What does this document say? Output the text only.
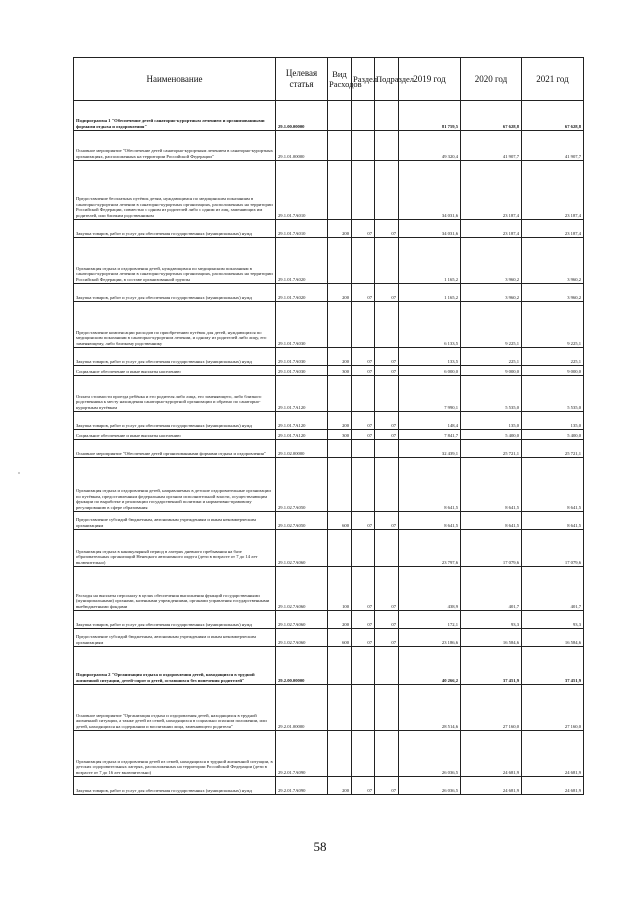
Наименование	Целевая статья	Вид Расходов	Раздел	Подраздел	2019 год	2020 год	2021 год
Подпрограмма 1 "Обеспечение детей санаторно-курортным лечением и организованными формами отдыха и оздоровления"	29.1.00.00000				81 759,5	67 628,8	67 628,8
Основное мероприятие "Обеспечение детей санаторно-курортным лечением в санаторно-курортных организациях, расположенных на территории Российской Федерации"	29.1.01.00000				49 320,4	41 907,7	41 907,7
Предоставление бесплатных путёвок детям, нуждающимся по медицинским показаниям в санаторно-курортном лечении в санаторно-курортных организациях, расположенных на территории Российской Федерации, совместно с одним из родителей либо с одним из лиц, заменяющих им родителей, или близким родственником	29.1.01.7А010				34 031,6	23 187,4	23 187,4
Закупка товаров, работ и услуг для обеспечения государственных (муниципальных) нужд	29.1.01.7А010	200	07	07	34 031,6	23 187,4	23 187,4
Организация отдыха и оздоровления детей, нуждающимся по медицинским показаниям в санаторно-курортном лечении в санаторно-курортных организациях, расположенных на территории Российской Федерации, в составе организованной группы	29.1.01.7А020				1 165,2	3 960,2	3 960,2
Закупка товаров, работ и услуг для обеспечения государственных (муниципальных) нужд	29.1.01.7А020	200	07	07	1 165,2	3 960,2	3 960,2
Предоставление компенсации расходов по приобретению путёвок для детей, нуждающихся по медицинским показаниям в санаторно-курортном лечении, и одному из родителей либо лицу, его заменяющему, либо близкому родственнику	29.1.01.7А030				6 133,5	9 225,1	9 225,1
Закупка товаров, работ и услуг для обеспечения государственных (муниципальных) нужд	29.1.01.7А030	200	07	07	133,5	225,1	225,1
Социальное обеспечение и иные выплаты населению	29.1.01.7А030	300	07	07	6 000,0	9 000,0	9 000,0
Оплата стоимости проезда ребёнка и его родителя либо лица, его заменяющего, либо близкого родственника к месту нахождения санаторно-курортной организации и обратно по санаторно-курортным путёвкам	29.1.01.7А120				7 990,1	5 535,0	5 535,0
Закупка товаров, работ и услуг для обеспечения государственных (муниципальных) нужд	29.1.01.7А120	200	07	07	148,4	135,0	135,0
Социальное обеспечение и иные выплаты населению	29.1.01.7А120	300	07	07	7 841,7	5 400,0	5 400,0
Основное мероприятие "Обеспечение детей организованными формами отдыха и оздоровления"	29.1.02.00000				32 439,1	25 721,1	25 721,1
Организация отдыха и оздоровления детей, направляемых в детские оздоровительные организации по путёвкам, предоставленным федеральным органом исполнительной власти, осуществляющим функции по выработке и реализации государственной политики и нормативно-правовому регулированию в сфере образования	29.1.02.7А050				8 641,5	8 641,5	8 641,5
Предоставление субсидий бюджетным, автономным учреждениям и иным некоммерческим организациям	29.1.02.7А050	600	07	07	8 641,5	8 641,5	8 641,5
Организация отдыха в каникулярный период в лагерях дневного пребывания на базе образовательных организаций Ненецкого автономного округа (дети в возрасте от 7 до 14 лет включительно)	29.1.02.7А060				23 797,6	17 079,6	17 079,6
Расходы на выплаты персоналу в целях обеспечения выполнения функций государственными (муниципальными) органами, казенными учреждениями, органами управления государственными внебюджетными фондами	29.1.02.7А060	100	07	07	438,9	401,7	401,7
Закупка товаров, работ и услуг для обеспечения государственных (муниципальных) нужд	29.1.02.7А060	200	07	07	172,1	93,3	93,3
Предоставление субсидий бюджетным, автономным учреждениям и иным некоммерческим организациям	29.1.02.7А060	600	07	07	23 186,6	16 584,6	16 584,6
Подпрограмма 2 "Организация отдыха и оздоровления детей, находящихся в трудной жизненной ситуации, детей-сирот и детей, оставшихся без попечения родителей"	29.2.00.00000				40 266,2	37 451,9	37 451,9
Основное мероприятие "Организация отдыха и оздоровления детей, находящихся в трудной жизненной ситуации, а также детей из семей, находящихся в социально опасном положении, или детей, находящихся на содержании и воспитании лица, заменяющего родителя"	29.2.01.00000				28 514,6	27 160,0	27 160,0
Организация отдыха и оздоровления детей из семей, находящихся в трудной жизненной ситуации, в детских оздоровительных лагерях, расположенных на территории Российской Федерации (дети в возрасте от 7 до 16 лет включительно)	29.2.01.7А090				26 036,5	24 681,9	24 681,9
Закупка товаров, работ и услуг для обеспечения государственных (муниципальных) нужд	29.2.01.7А090	200	07	07	26 036,5	24 681,9	24 681,9
58
